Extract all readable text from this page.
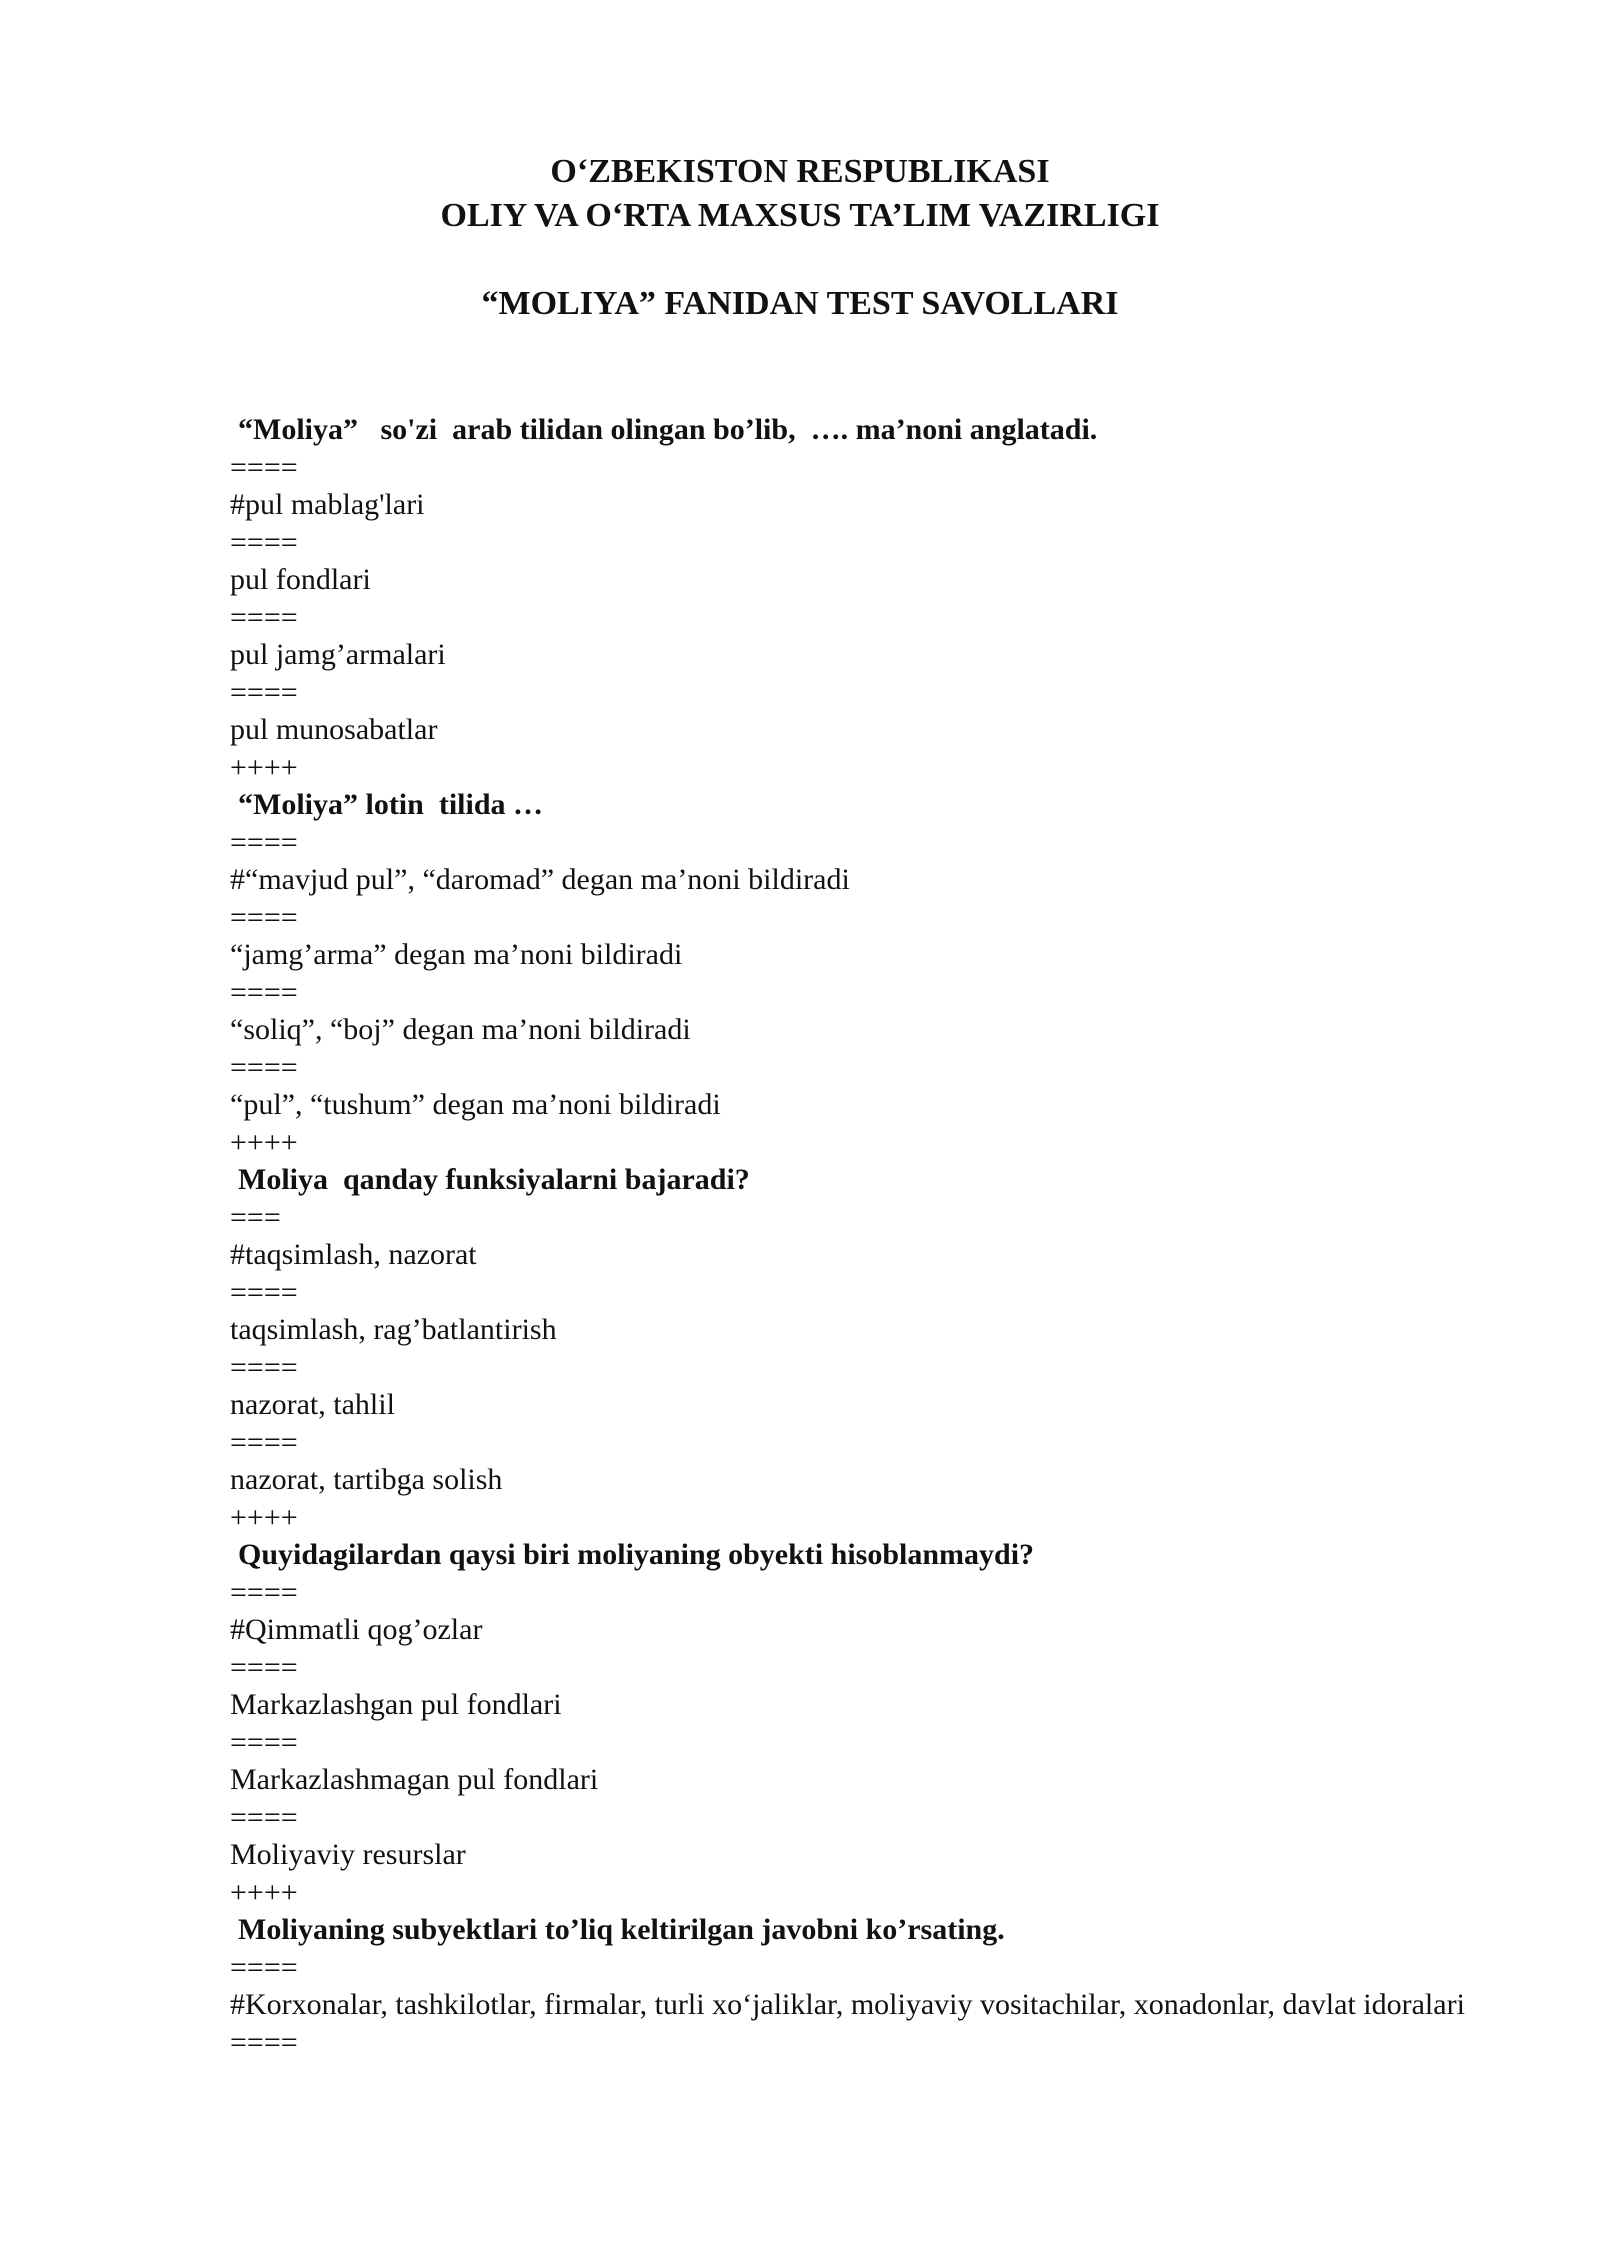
O‘ZBEKISTON RESPUBLIKASI
OLIY VA O‘RTA MAXSUS TA’LIM VAZIRLIGI
“MOLIYA” FANIDAN TEST SAVOLLARI
“Moliya”   so'zi  arab tilidan olingan bo’lib,  …. ma’noni anglatadi.
====
#pul mablag'lari
====
pul fondlari
====
pul jamg’armalari
====
pul munosabatlar
++++
“Moliya” lotin  tilida …
====
#“mavjud pul”, “daromad” degan ma’noni bildiradi
====
“jamg’arma” degan ma’noni bildiradi
====
“soliq”, “boj” degan ma’noni bildiradi
====
“pul”, “tushum” degan ma’noni bildiradi
++++
Moliya  qanday funksiyalarni bajaradi?
===
#taqsimlash, nazorat
====
taqsimlash, rag’batlantirish
====
nazorat, tahlil
====
nazorat, tartibga solish
++++
Quyidagilardan qaysi biri moliyaning obyekti hisoblanmaydi?
====
#Qimmatli qog’ozlar
====
Markazlashgan pul fondlari
====
Markazlashmagan pul fondlari
====
Moliyaviy resurslar
++++
Moliyaning subyektlari to’liq keltirilgan javobni ko’rsating.
====
#Korxonalar, tashkilotlar, firmalar, turli xo‘jaliklar, moliyaviy vositachilar, xonadonlar, davlat idoralari
====
